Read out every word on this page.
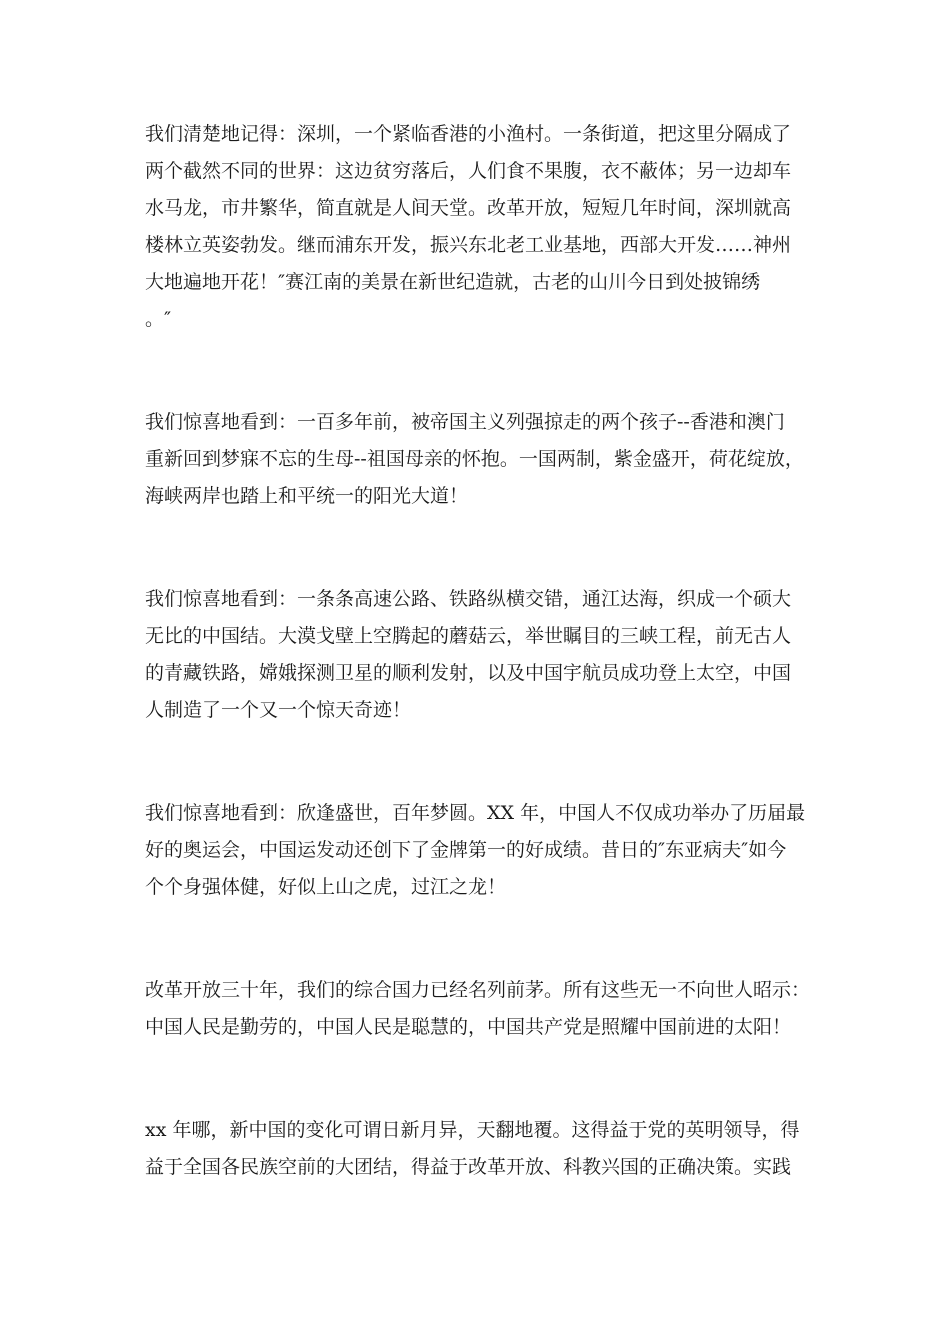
我们清楚地记得：深圳，一个紧临香港的小渔村。一条街道，把这里分隔成了
两个截然不同的世界：这边贫穷落后，人们食不果腹，衣不蔽体；另一边却车
水马龙，市井繁华，简直就是人间天堂。改革开放，短短几年时间，深圳就高
楼林立英姿勃发。继而浦东开发，振兴东北老工业基地，西部大开发……神州
大地遍地开花！″赛江南的美景在新世纪造就，古老的山川今日到处披锦绣
。″
我们惊喜地看到：一百多年前，被帝国主义列强掠走的两个孩子--香港和澳门
重新回到梦寐不忘的生母--祖国母亲的怀抱。一国两制，紫金盛开，荷花绽放，
海峡两岸也踏上和平统一的阳光大道！
我们惊喜地看到：一条条高速公路、铁路纵横交错，通江达海，织成一个硕大
无比的中国结。大漠戈壁上空腾起的蘑菇云，举世瞩目的三峡工程，前无古人
的青藏铁路，嫦娥探测卫星的顺利发射，以及中国宇航员成功登上太空，中国
人制造了一个又一个惊天奇迹！
我们惊喜地看到：欣逢盛世，百年梦圆。XX 年，中国人不仅成功举办了历届最
好的奥运会，中国运发动还创下了金牌第一的好成绩。昔日的″东亚病夫″如今
个个身强体健，好似上山之虎，过江之龙！
改革开放三十年，我们的综合国力已经名列前茅。所有这些无一不向世人昭示：
中国人民是勤劳的，中国人民是聪慧的，中国共产党是照耀中国前进的太阳！
xx 年哪，新中国的变化可谓日新月异，天翻地覆。这得益于党的英明领导，得
益于全国各民族空前的大团结，得益于改革开放、科教兴国的正确决策。实践
